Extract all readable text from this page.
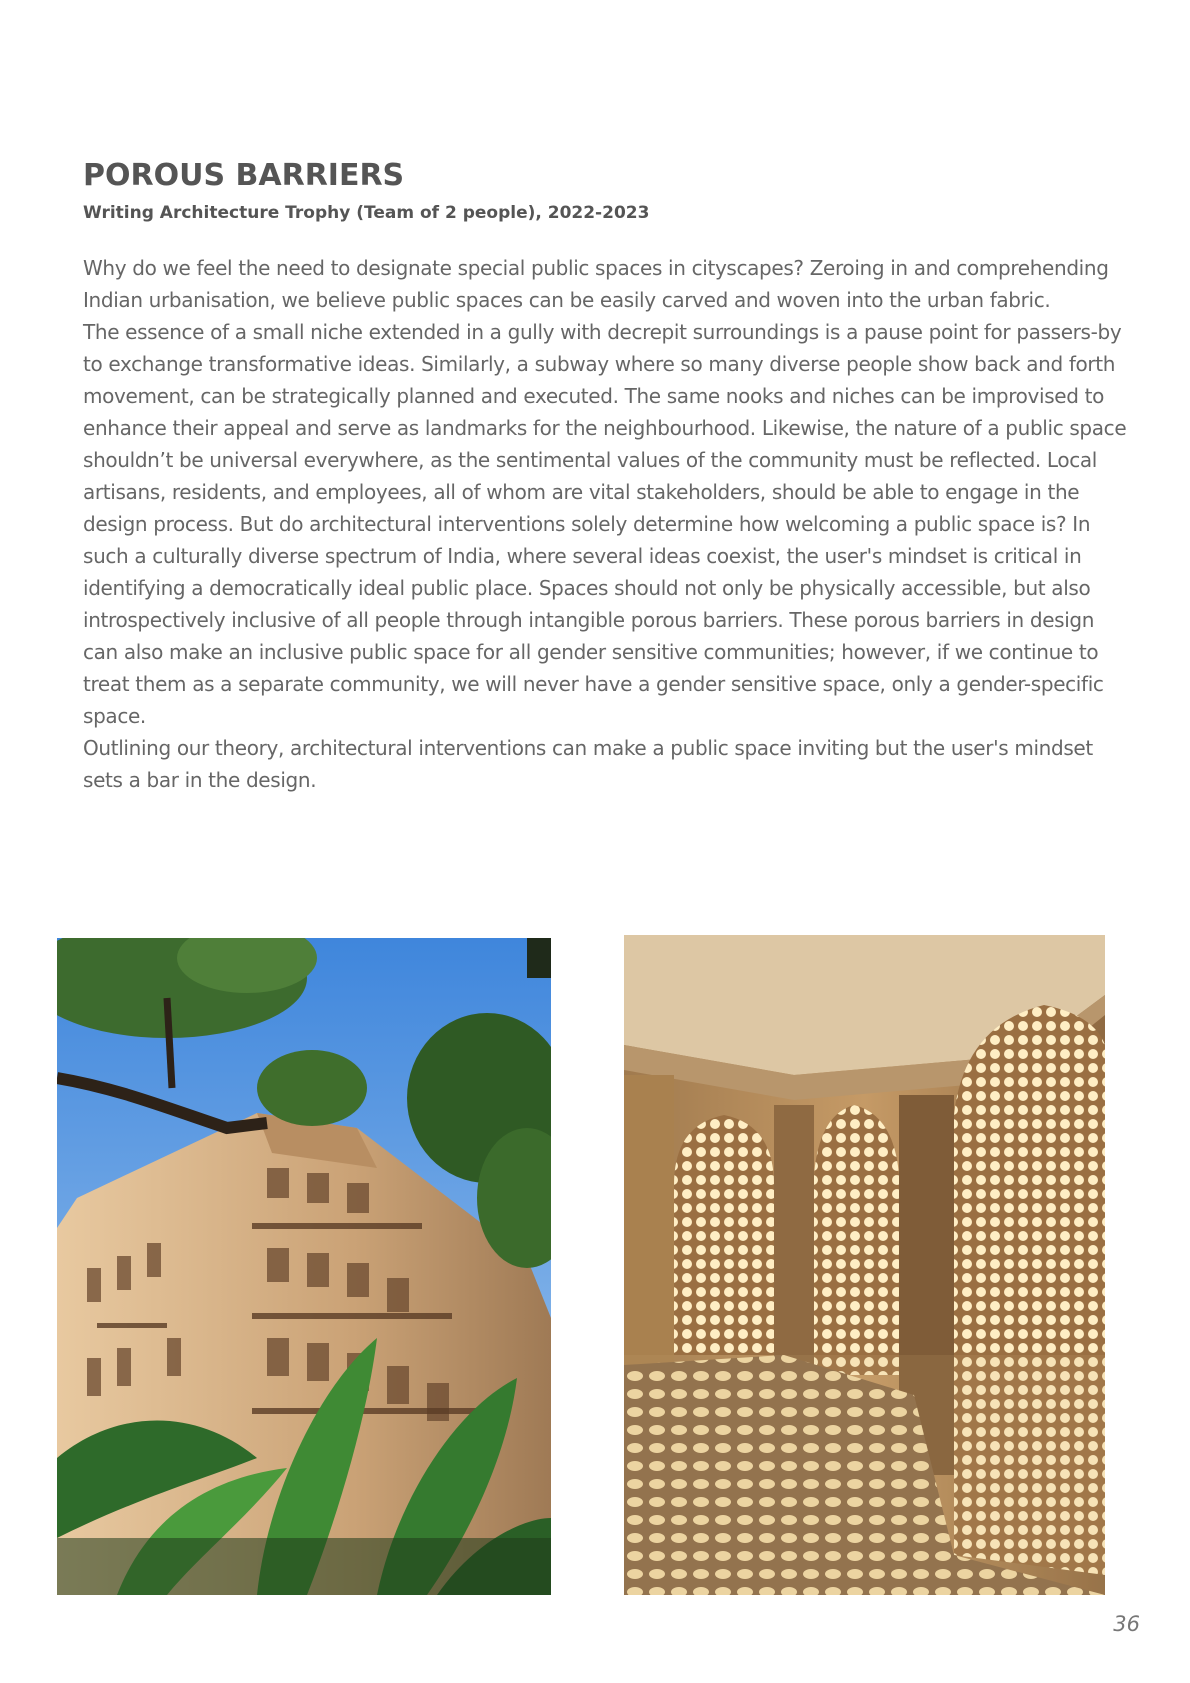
POROUS BARRIERS
Writing Architecture Trophy (Team of 2 people), 2022-2023

Why do we feel the need to designate special public spaces in cityscapes? Zeroing in and comprehending Indian urbanisation, we believe public spaces can be easily carved and woven into the urban fabric.

The essence of a small niche extended in a gully with decrepit surroundings is a pause point for passers-by to exchange transformative ideas. Similarly, a subway where so many diverse people show back and forth movement, can be strategically planned and executed. The same nooks and niches can be improvised to enhance their appeal and serve as landmarks for the neighbourhood. Likewise, the nature of a public space shouldn’t be universal everywhere, as the sentimental values of the community must be reflected. Local artisans, residents, and employees, all of whom are vital stakeholders, should be able to engage in the design process. But do architectural interventions solely determine how welcoming a public space is? In such a culturally diverse spectrum of India, where several ideas coexist, the user's mindset is critical in identifying a democratically ideal public place. Spaces should not only be physically accessible, but also introspectively inclusive of all people through intangible porous barriers. These porous barriers in design can also make an inclusive public space for all gender sensitive communities; however, if we continue to treat them as a separate community, we will never have a gender sensitive space, only a gender-specific space.

Outlining our theory, architectural interventions can make a public space inviting but the user's mindset sets a bar in the design.

36
